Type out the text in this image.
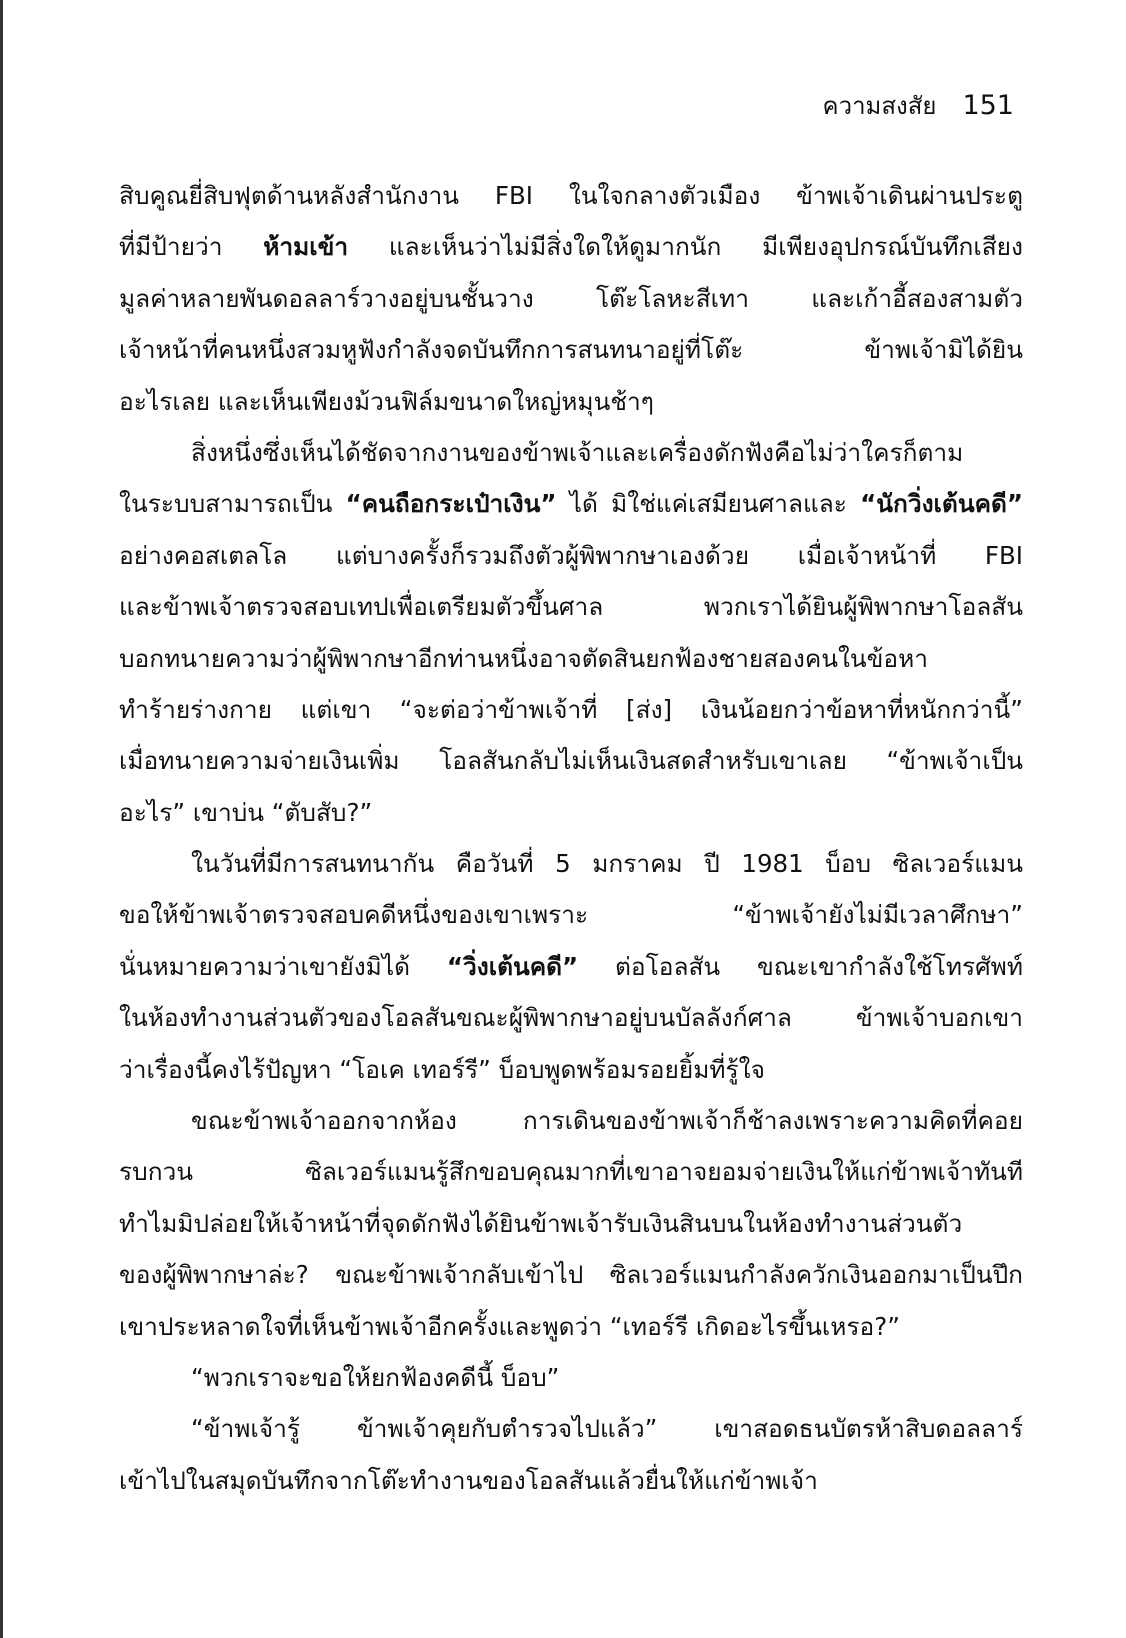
ความสงสัย 151
สิบคูณยี่สิบฟุตด้านหลังสำนักงาน FBI ในใจกลางตัวเมือง ข้าพเจ้าเดินผ่านประตู
ที่มีป้ายว่า ห้ามเข้า และเห็นว่าไม่มีสิ่งใดให้ดูมากนัก มีเพียงอุปกรณ์บันทึกเสียง
มูลค่าหลายพันดอลลาร์วางอยู่บนชั้นวาง โต๊ะโลหะสีเทา และเก้าอี้สองสามตัว
เจ้าหน้าที่คนหนึ่งสวมหูฟังกำลังจดบันทึกการสนทนาอยู่ที่โต๊ะ ข้าพเจ้ามิได้ยิน
อะไรเลย และเห็นเพียงม้วนฟิล์มขนาดใหญ่หมุนช้าๆ
สิ่งหนึ่งซึ่งเห็นได้ชัดจากงานของข้าพเจ้าและเครื่องดักฟังคือไม่ว่าใครก็ตาม
ในระบบสามารถเป็น “คนถือกระเป๋าเงิน” ได้ มิใช่แค่เสมียนศาลและ “นักวิ่งเต้นคดี”
อย่างคอสเตลโล แต่บางครั้งก็รวมถึงตัวผู้พิพากษาเองด้วย เมื่อเจ้าหน้าที่ FBI
และข้าพเจ้าตรวจสอบเทปเพื่อเตรียมตัวขึ้นศาล พวกเราได้ยินผู้พิพากษาโอลสัน
บอกทนายความว่าผู้พิพากษาอีกท่านหนึ่งอาจตัดสินยกฟ้องชายสองคนในข้อหา
ทำร้ายร่างกาย แต่เขา “จะต่อว่าข้าพเจ้าที่ [ส่ง] เงินน้อยกว่าข้อหาที่หนักกว่านี้”
เมื่อทนายความจ่ายเงินเพิ่ม โอลสันกลับไม่เห็นเงินสดสำหรับเขาเลย “ข้าพเจ้าเป็น
อะไร” เขาบ่น “ตับสับ?”
ในวันที่มีการสนทนากัน คือวันที่ 5 มกราคม ปี 1981 บ็อบ ซิลเวอร์แมน
ขอให้ข้าพเจ้าตรวจสอบคดีหนึ่งของเขาเพราะ “ข้าพเจ้ายังไม่มีเวลาศึกษา”
นั่นหมายความว่าเขายังมิได้ “วิ่งเต้นคดี” ต่อโอลสัน ขณะเขากำลังใช้โทรศัพท์
ในห้องทำงานส่วนตัวของโอลสันขณะผู้พิพากษาอยู่บนบัลลังก์ศาล ข้าพเจ้าบอกเขา
ว่าเรื่องนี้คงไร้ปัญหา “โอเค เทอร์รี” บ็อบพูดพร้อมรอยยิ้มที่รู้ใจ
ขณะข้าพเจ้าออกจากห้อง การเดินของข้าพเจ้าก็ช้าลงเพราะความคิดที่คอย
รบกวน ซิลเวอร์แมนรู้สึกขอบคุณมากที่เขาอาจยอมจ่ายเงินให้แก่ข้าพเจ้าทันที
ทำไมมิปล่อยให้เจ้าหน้าที่จุดดักฟังได้ยินข้าพเจ้ารับเงินสินบนในห้องทำงานส่วนตัว
ของผู้พิพากษาล่ะ? ขณะข้าพเจ้ากลับเข้าไป ซิลเวอร์แมนกำลังควักเงินออกมาเป็นปึก
เขาประหลาดใจที่เห็นข้าพเจ้าอีกครั้งและพูดว่า “เทอร์รี เกิดอะไรขึ้นเหรอ?”
“พวกเราจะขอให้ยกฟ้องคดีนี้ บ็อบ”
“ข้าพเจ้ารู้ ข้าพเจ้าคุยกับตำรวจไปแล้ว” เขาสอดธนบัตรห้าสิบดอลลาร์
เข้าไปในสมุดบันทึกจากโต๊ะทำงานของโอลสันแล้วยื่นให้แก่ข้าพเจ้า
